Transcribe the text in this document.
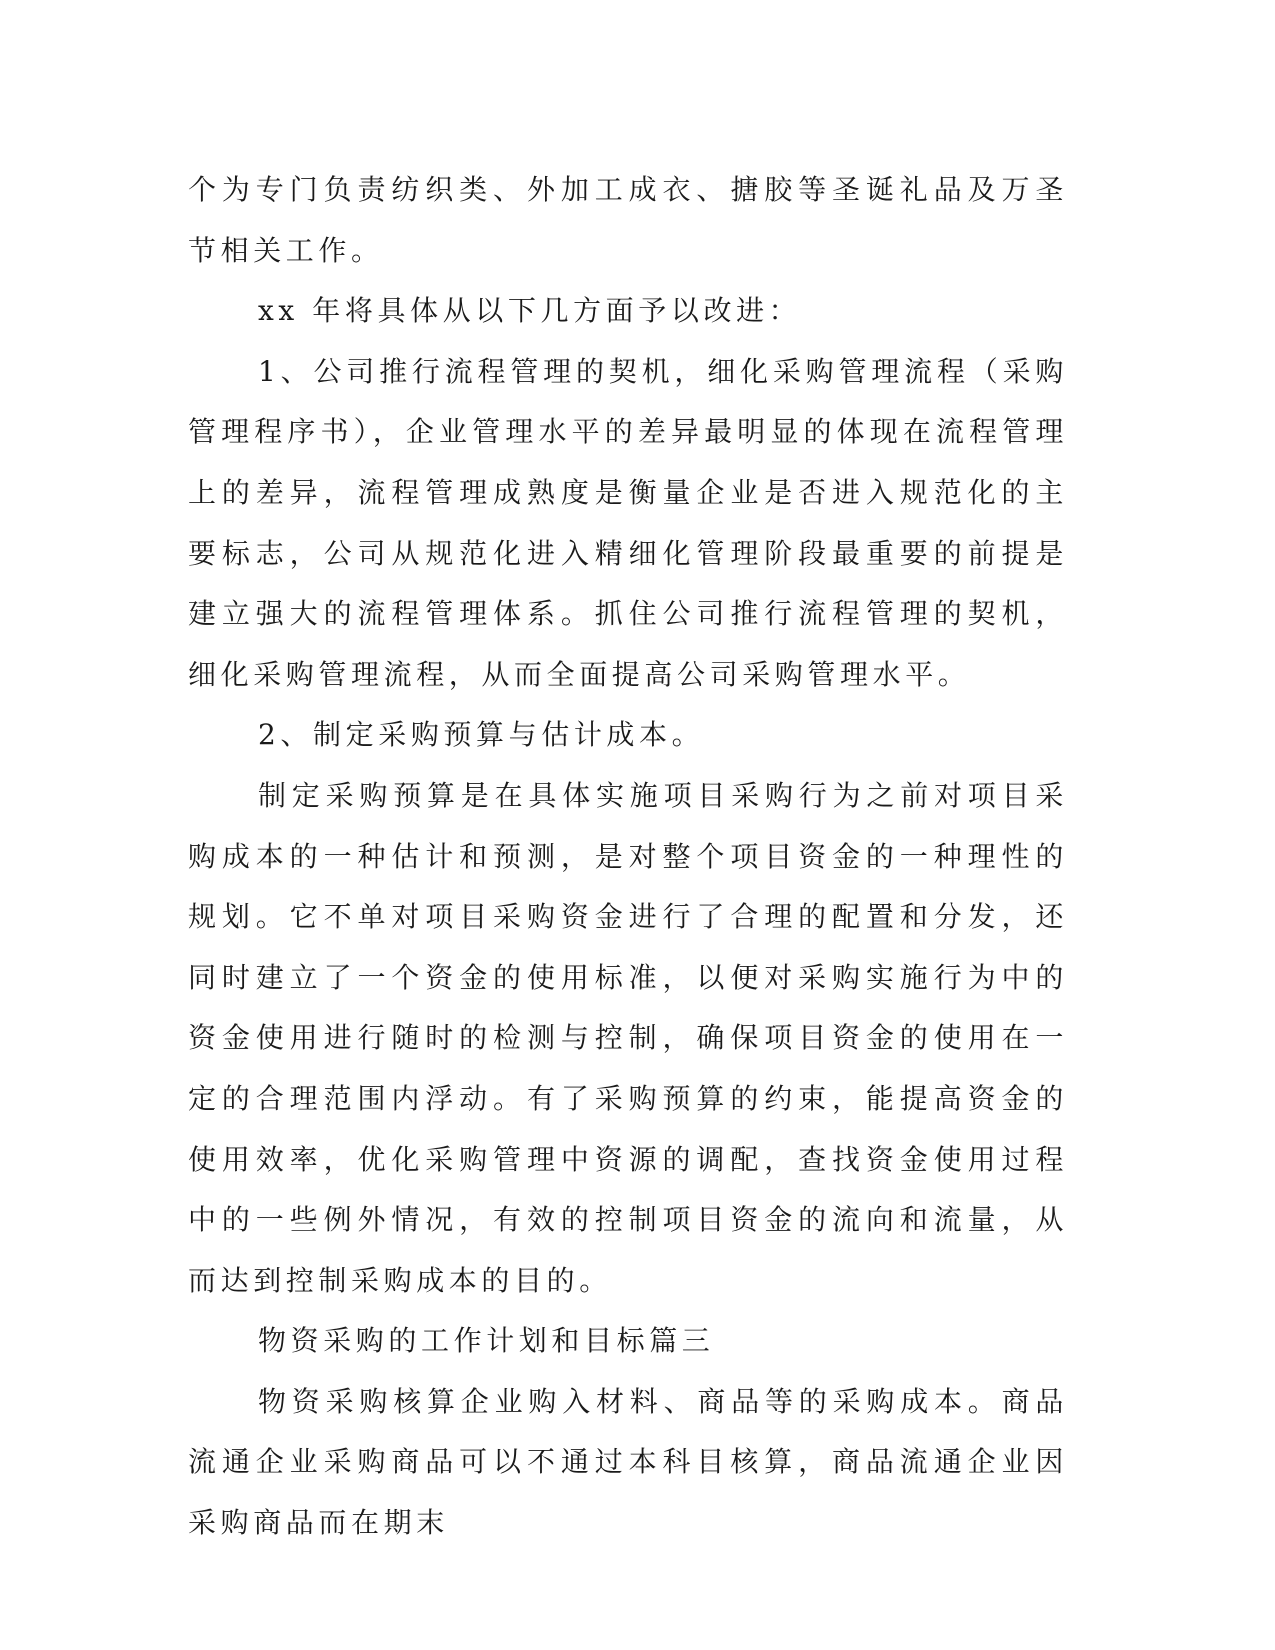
个为专门负责纺织类、外加工成衣、搪胶等圣诞礼品及万圣节相关工作。

xx 年将具体从以下几方面予以改进：

1、公司推行流程管理的契机，细化采购管理流程（采购管理程序书），企业管理水平的差异最明显的体现在流程管理上的差异，流程管理成熟度是衡量企业是否进入规范化的主要标志，公司从规范化进入精细化管理阶段最重要的前提是建立强大的流程管理体系。抓住公司推行流程管理的契机，细化采购管理流程，从而全面提高公司采购管理水平。

2、制定采购预算与估计成本。

制定采购预算是在具体实施项目采购行为之前对项目采购成本的一种估计和预测，是对整个项目资金的一种理性的规划。它不单对项目采购资金进行了合理的配置和分发，还同时建立了一个资金的使用标准，以便对采购实施行为中的资金使用进行随时的检测与控制，确保项目资金的使用在一定的合理范围内浮动。有了采购预算的约束，能提高资金的使用效率，优化采购管理中资源的调配，查找资金使用过程中的一些例外情况，有效的控制项目资金的流向和流量，从而达到控制采购成本的目的。

物资采购的工作计划和目标篇三

物资采购核算企业购入材料、商品等的采购成本。商品流通企业采购商品可以不通过本科目核算，商品流通企业因采购商品而在期末
